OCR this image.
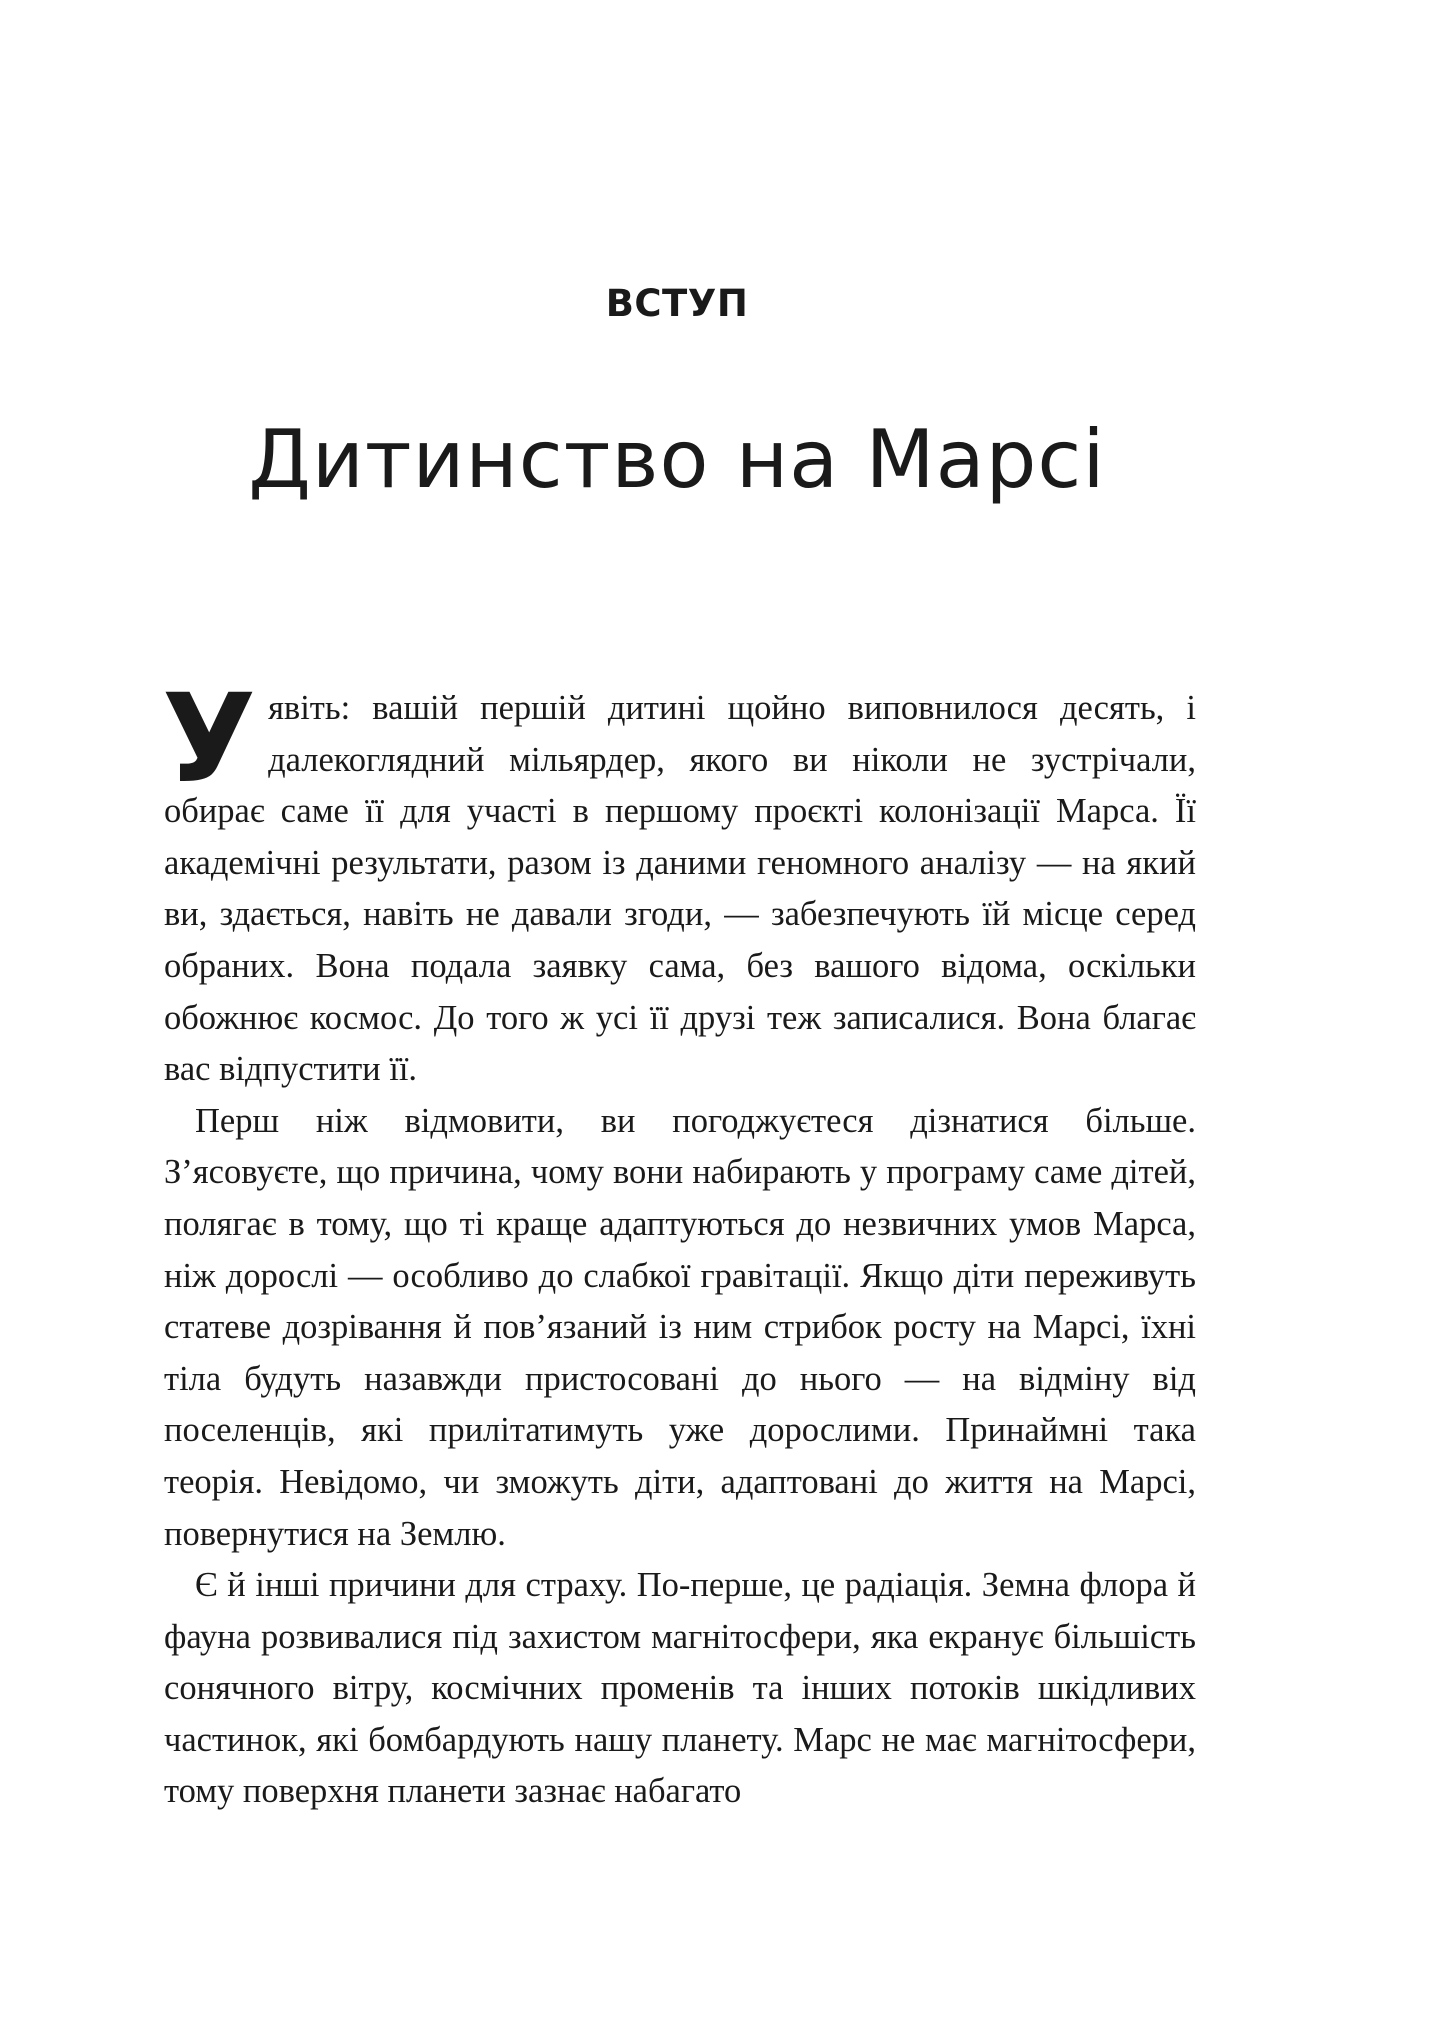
ВСТУП
Дитинство на Марсі

Уявіть: вашій першій дитині щойно виповнилося десять, і далекоглядний мільярдер, якого ви ніколи не зустрічали, обирає саме її для участі в першому проєкті колонізації Марса. Її академічні результати, разом із даними геномного аналізу — на який ви, здається, навіть не давали згоди, — забезпечують їй місце серед обраних. Вона подала заявку сама, без вашого відома, оскільки обожнює космос. До того ж усі її друзі теж записалися. Вона благає вас відпустити її.

Перш ніж відмовити, ви погоджуєтеся дізнатися більше. З’ясовуєте, що причина, чому вони набирають у програму саме дітей, полягає в тому, що ті краще адаптуються до незвичних умов Марса, ніж дорослі — особливо до слабкої гравітації. Якщо діти переживуть статеве дозрівання й пов’язаний із ним стрибок росту на Марсі, їхні тіла будуть назавжди пристосовані до нього — на відміну від поселенців, які прилітатимуть уже дорослими. Принаймні така теорія. Невідомо, чи зможуть діти, адаптовані до життя на Марсі, повернутися на Землю.

Є й інші причини для страху. По-перше, це радіація. Земна флора й фауна розвивалися під захистом магнітосфери, яка екранує більшість сонячного вітру, космічних променів та інших потоків шкідливих частинок, які бомбардують нашу планету. Марс не має магнітосфери, тому поверхня планети зазнає набагато
